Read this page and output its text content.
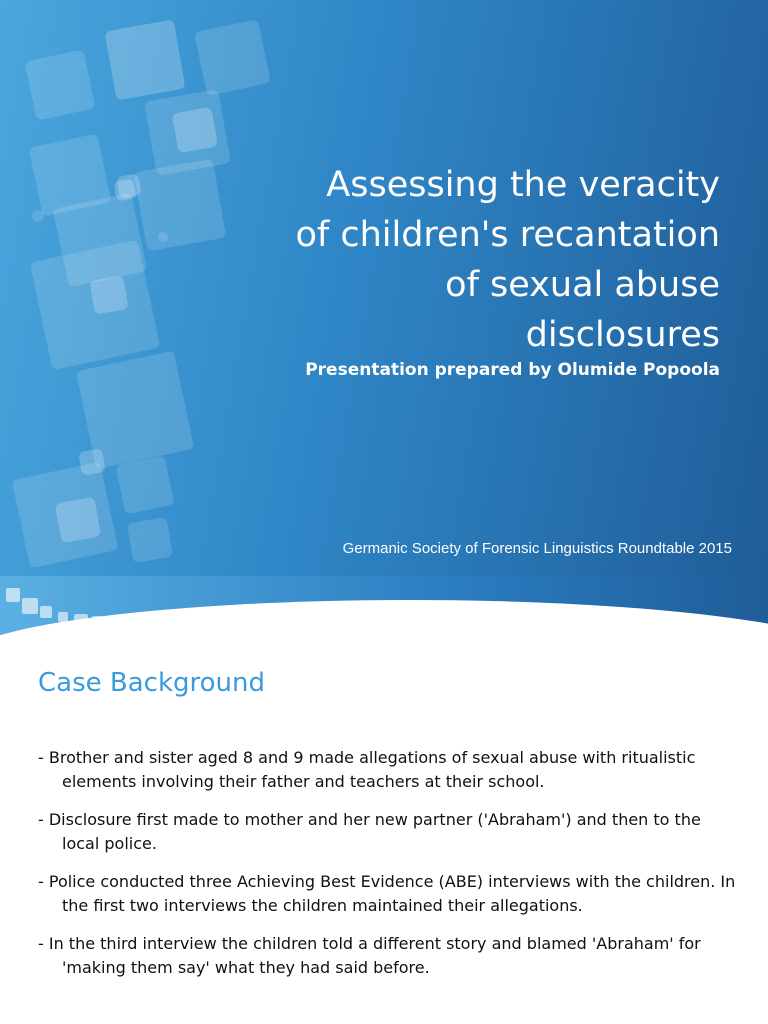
Assessing the veracity
of children's recantation
of sexual abuse
disclosures
Presentation prepared by Olumide Popoola
Germanic Society of Forensic Linguistics Roundtable 2015
Case Background
- Brother and sister aged 8 and 9 made allegations of sexual abuse with ritualistic elements involving their father and teachers at their school.
- Disclosure first made to mother and her new partner ('Abraham') and then to the local police.
- Police conducted three Achieving Best Evidence (ABE) interviews with the children. In the first two interviews the children maintained their allegations.
- In the third interview the children told a different story and blamed 'Abraham' for 'making them say' what they had said before.
